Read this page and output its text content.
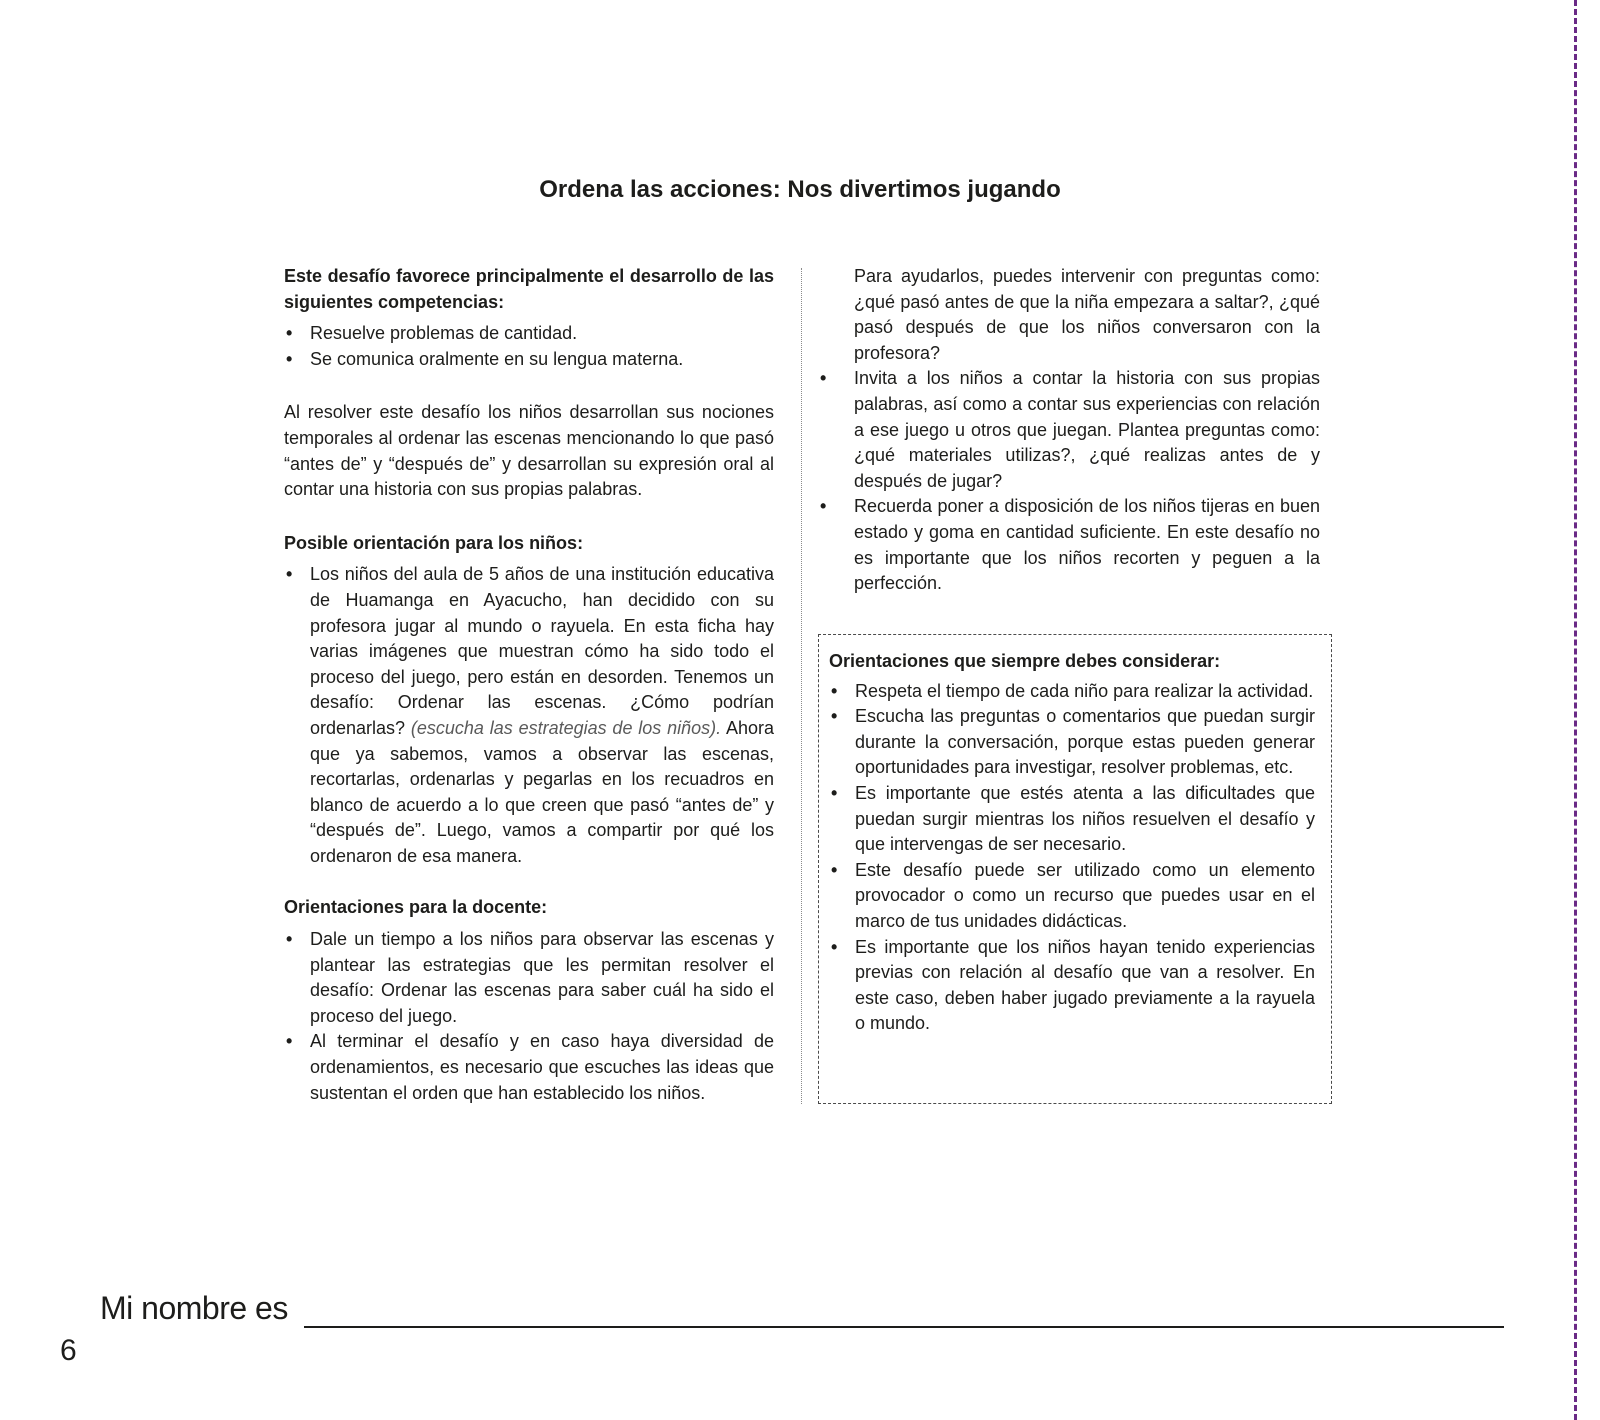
Ordena las acciones: Nos divertimos jugando

Este desafío favorece principalmente el desarrollo de las siguientes competencias:

• Resuelve problemas de cantidad.
• Se comunica oralmente en su lengua materna.

Al resolver este desafío los niños desarrollan sus nociones temporales al ordenar las escenas mencionando lo que pasó “antes de” y “después de” y desarrollan su expresión oral al contar una historia con sus propias palabras.

Posible orientación para los niños:

• Los niños del aula de 5 años de una institución educativa de Huamanga en Ayacucho, han decidido con su profesora jugar al mundo o rayuela. En esta ficha hay varias imágenes que muestran cómo ha sido todo el proceso del juego, pero están en desorden. Tenemos un desafío: Ordenar las escenas. ¿Cómo podrían ordenarlas? (escucha las estrategias de los niños). Ahora que ya sabemos, vamos a observar las escenas, recortarlas, ordenarlas y pegarlas en los recuadros en blanco de acuerdo a lo que creen que pasó “antes de” y “después de”. Luego, vamos a compartir por qué los ordenaron de esa manera.

Orientaciones para la docente:

• Dale un tiempo a los niños para observar las escenas y plantear las estrategias que les permitan resolver el desafío: Ordenar las escenas para saber cuál ha sido el proceso del juego.
• Al terminar el desafío y en caso haya diversidad de ordenamientos, es necesario que escuches las ideas que sustentan el orden que han establecido los niños.

Para ayudarlos, puedes intervenir con preguntas como: ¿qué pasó antes de que la niña empezara a saltar?, ¿qué pasó después de que los niños conversaron con la profesora?

• Invita a los niños a contar la historia con sus propias palabras, así como a contar sus experiencias con relación a ese juego u otros que juegan. Plantea preguntas como: ¿qué materiales utilizas?, ¿qué realizas antes de y después de jugar?
• Recuerda poner a disposición de los niños tijeras en buen estado y goma en cantidad suficiente. En este desafío no es importante que los niños recorten y peguen a la perfección.

Orientaciones que siempre debes considerar:

• Respeta el tiempo de cada niño para realizar la actividad.
• Escucha las preguntas o comentarios que puedan surgir durante la conversación, porque estas pueden generar oportunidades para investigar, resolver problemas, etc.
• Es importante que estés atenta a las dificultades que puedan surgir mientras los niños resuelven el desafío y que intervengas de ser necesario.
• Este desafío puede ser utilizado como un elemento provocador o como un recurso que puedes usar en el marco de tus unidades didácticas.
• Es importante que los niños hayan tenido experiencias previas con relación al desafío que van a resolver. En este caso, deben haber jugado previamente a la rayuela o mundo.
Mi nombre es
6
